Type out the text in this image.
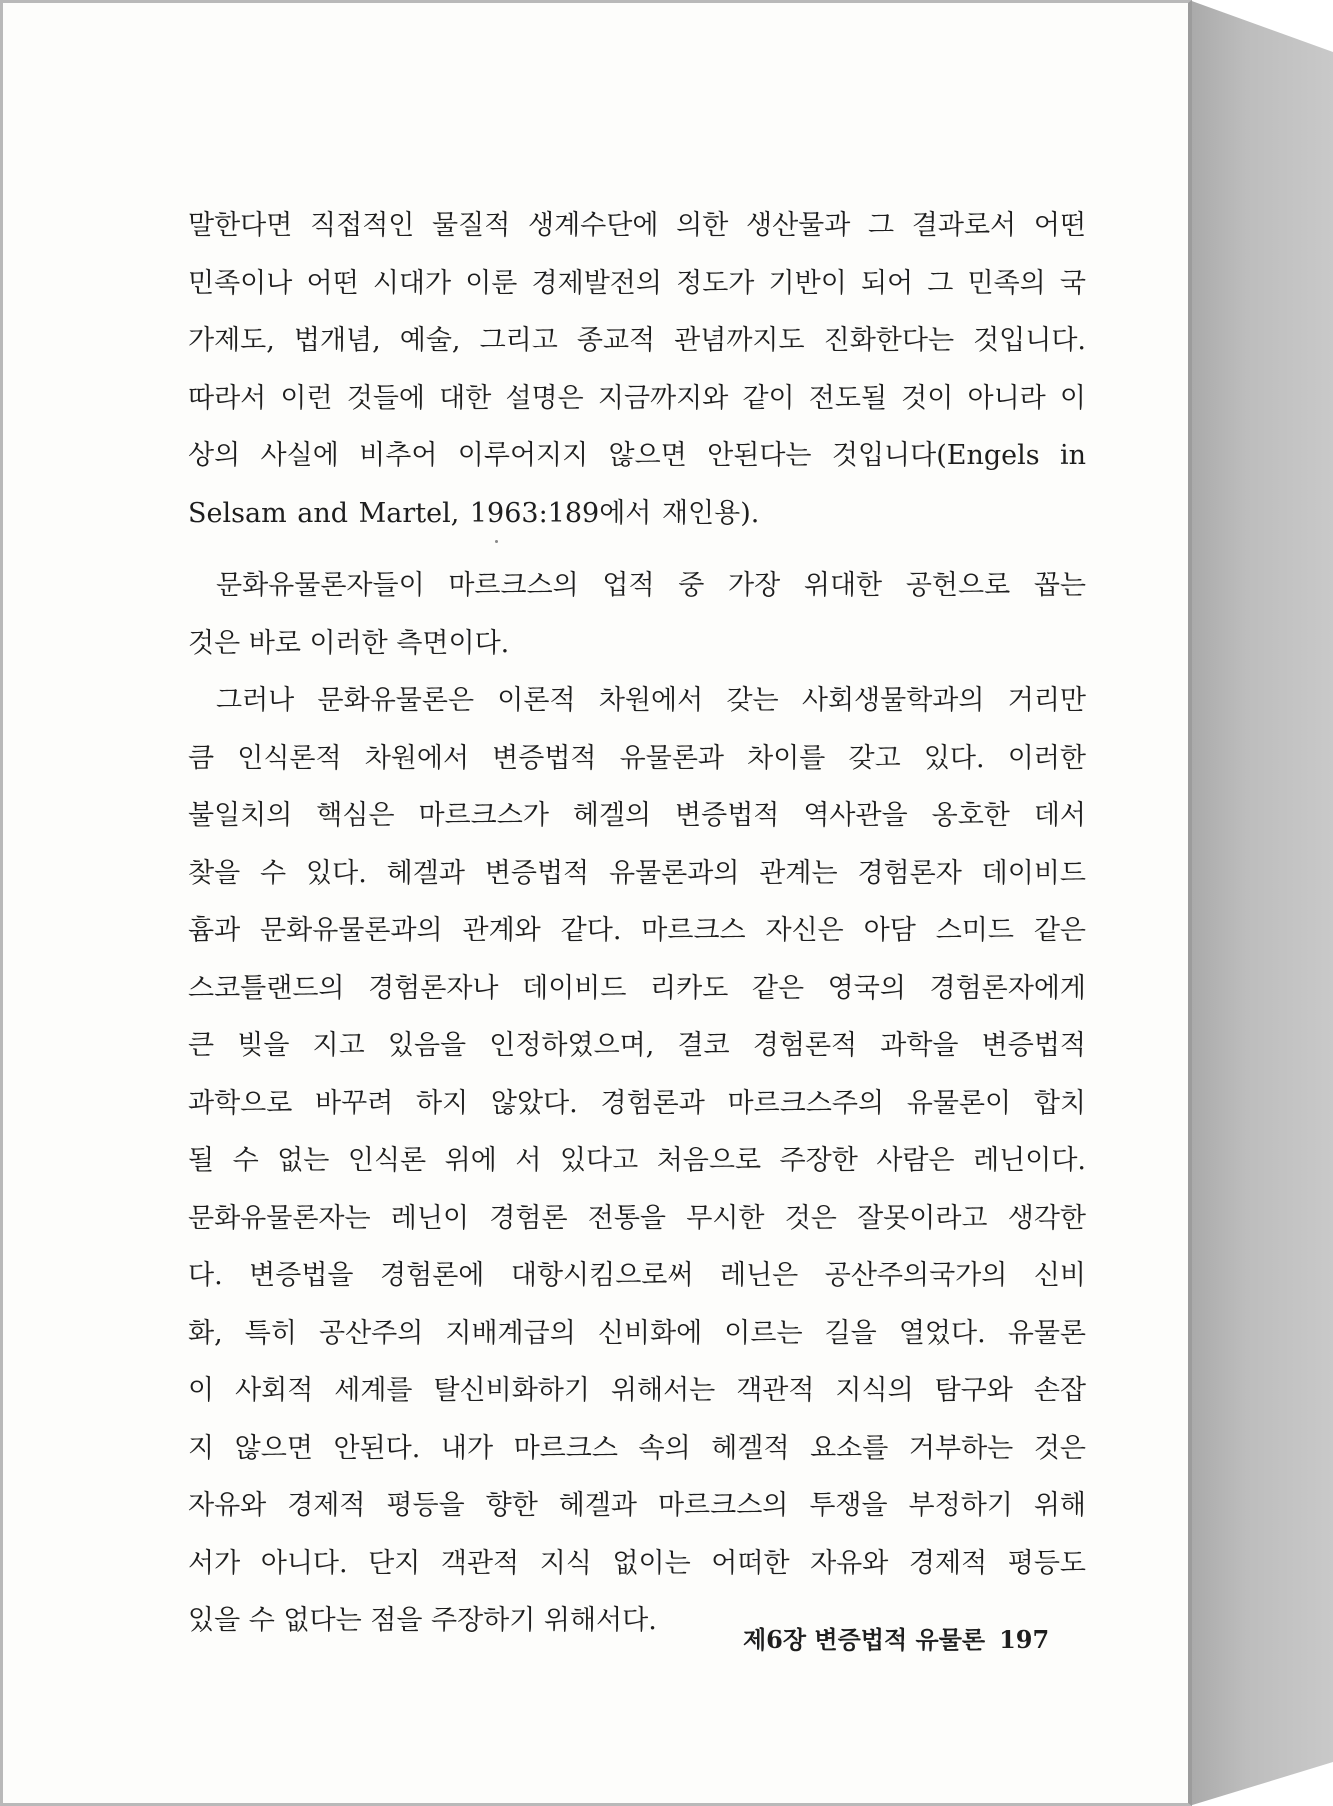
말한다면 직접적인 물질적 생계수단에 의한 생산물과 그 결과로서 어떤
민족이나 어떤 시대가 이룬 경제발전의 정도가 기반이 되어 그 민족의 국
가제도, 법개념, 예술, 그리고 종교적 관념까지도 진화한다는 것입니다.
따라서 이런 것들에 대한 설명은 지금까지와 같이 전도될 것이 아니라 이
상의 사실에 비추어 이루어지지 않으면 안된다는 것입니다(Engels in
Selsam and Martel, 1963:189에서 재인용).
문화유물론자들이 마르크스의 업적 중 가장 위대한 공헌으로 꼽는
것은 바로 이러한 측면이다.
그러나 문화유물론은 이론적 차원에서 갖는 사회생물학과의 거리만
큼 인식론적 차원에서 변증법적 유물론과 차이를 갖고 있다. 이러한
불일치의 핵심은 마르크스가 헤겔의 변증법적 역사관을 옹호한 데서
찾을 수 있다. 헤겔과 변증법적 유물론과의 관계는 경험론자 데이비드
흄과 문화유물론과의 관계와 같다. 마르크스 자신은 아담 스미드 같은
스코틀랜드의 경험론자나 데이비드 리카도 같은 영국의 경험론자에게
큰 빚을 지고 있음을 인정하였으며, 결코 경험론적 과학을 변증법적
과학으로 바꾸려 하지 않았다. 경험론과 마르크스주의 유물론이 합치
될 수 없는 인식론 위에 서 있다고 처음으로 주장한 사람은 레닌이다.
문화유물론자는 레닌이 경험론 전통을 무시한 것은 잘못이라고 생각한
다. 변증법을 경험론에 대항시킴으로써 레닌은 공산주의국가의 신비
화, 특히 공산주의 지배계급의 신비화에 이르는 길을 열었다. 유물론
이 사회적 세계를 탈신비화하기 위해서는 객관적 지식의 탐구와 손잡
지 않으면 안된다. 내가 마르크스 속의 헤겔적 요소를 거부하는 것은
자유와 경제적 평등을 향한 헤겔과 마르크스의 투쟁을 부정하기 위해
서가 아니다. 단지 객관적 지식 없이는 어떠한 자유와 경제적 평등도
있을 수 없다는 점을 주장하기 위해서다.
제6장 변증법적 유물론 197
